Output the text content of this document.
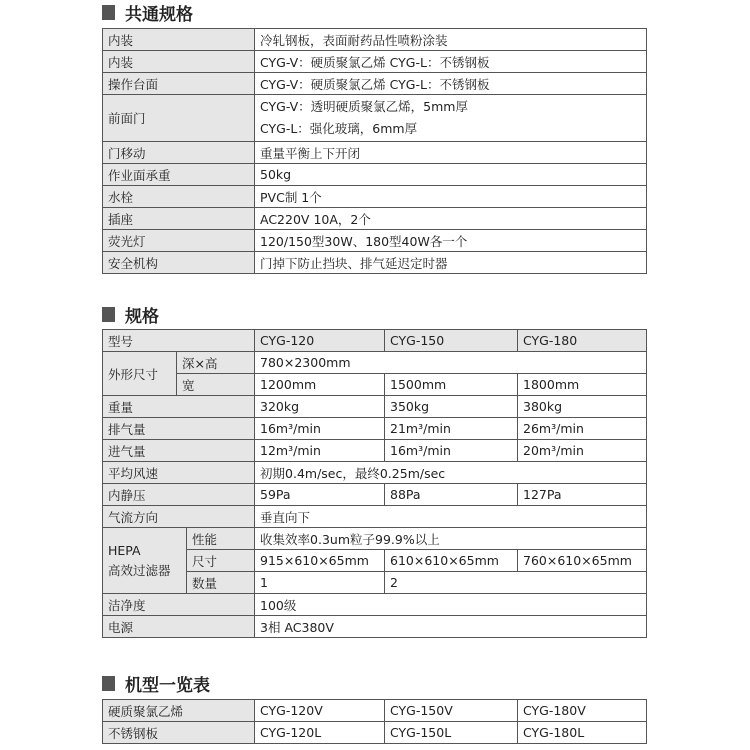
共通规格
内装	冷轧钢板，表面耐药品性喷粉涂装
内装	CYG-V：硬质聚氯乙烯 CYG-L：不锈钢板
操作台面	CYG-V：硬质聚氯乙烯 CYG-L：不锈钢板
前面门	CYG-V：透明硬质聚氯乙烯，5mm厚
CYG-L：强化玻璃，6mm厚

门移动	重量平衡上下开闭
作业面承重	50kg
水栓	PVC制 1个
插座	AC220V 10A，2个
荧光灯	120/150型30W、180型40W各一个
安全机构	门掉下防止挡块、排气延迟定时器
规格
型号			CYG-120	CYG-150	CYG-180
外形尺寸	深×高		780×2300mm		
	宽		1200mm	1500mm	1800mm
重量			320kg	350kg	380kg
排气量			16m³/min	21m³/min	26m³/min
进气量			12m³/min	16m³/min	20m³/min
平均风速			初期0.4m/sec，最终0.25m/sec		
内静压			59Pa	88Pa	127Pa
气流方向			垂直向下		

HEPA
高效过滤器		性能	收集效率0.3um粒子99.9%以上		
		尺寸	915×610×65mm	610×610×65mm	760×610×65mm
		数量	1	2	
洁净度			100级		
电源			3相 AC380V		
机型一览表
硬质聚氯乙烯	CYG-120V	CYG-150V	CYG-180V
不锈钢板	CYG-120L	CYG-150L	CYG-180L
